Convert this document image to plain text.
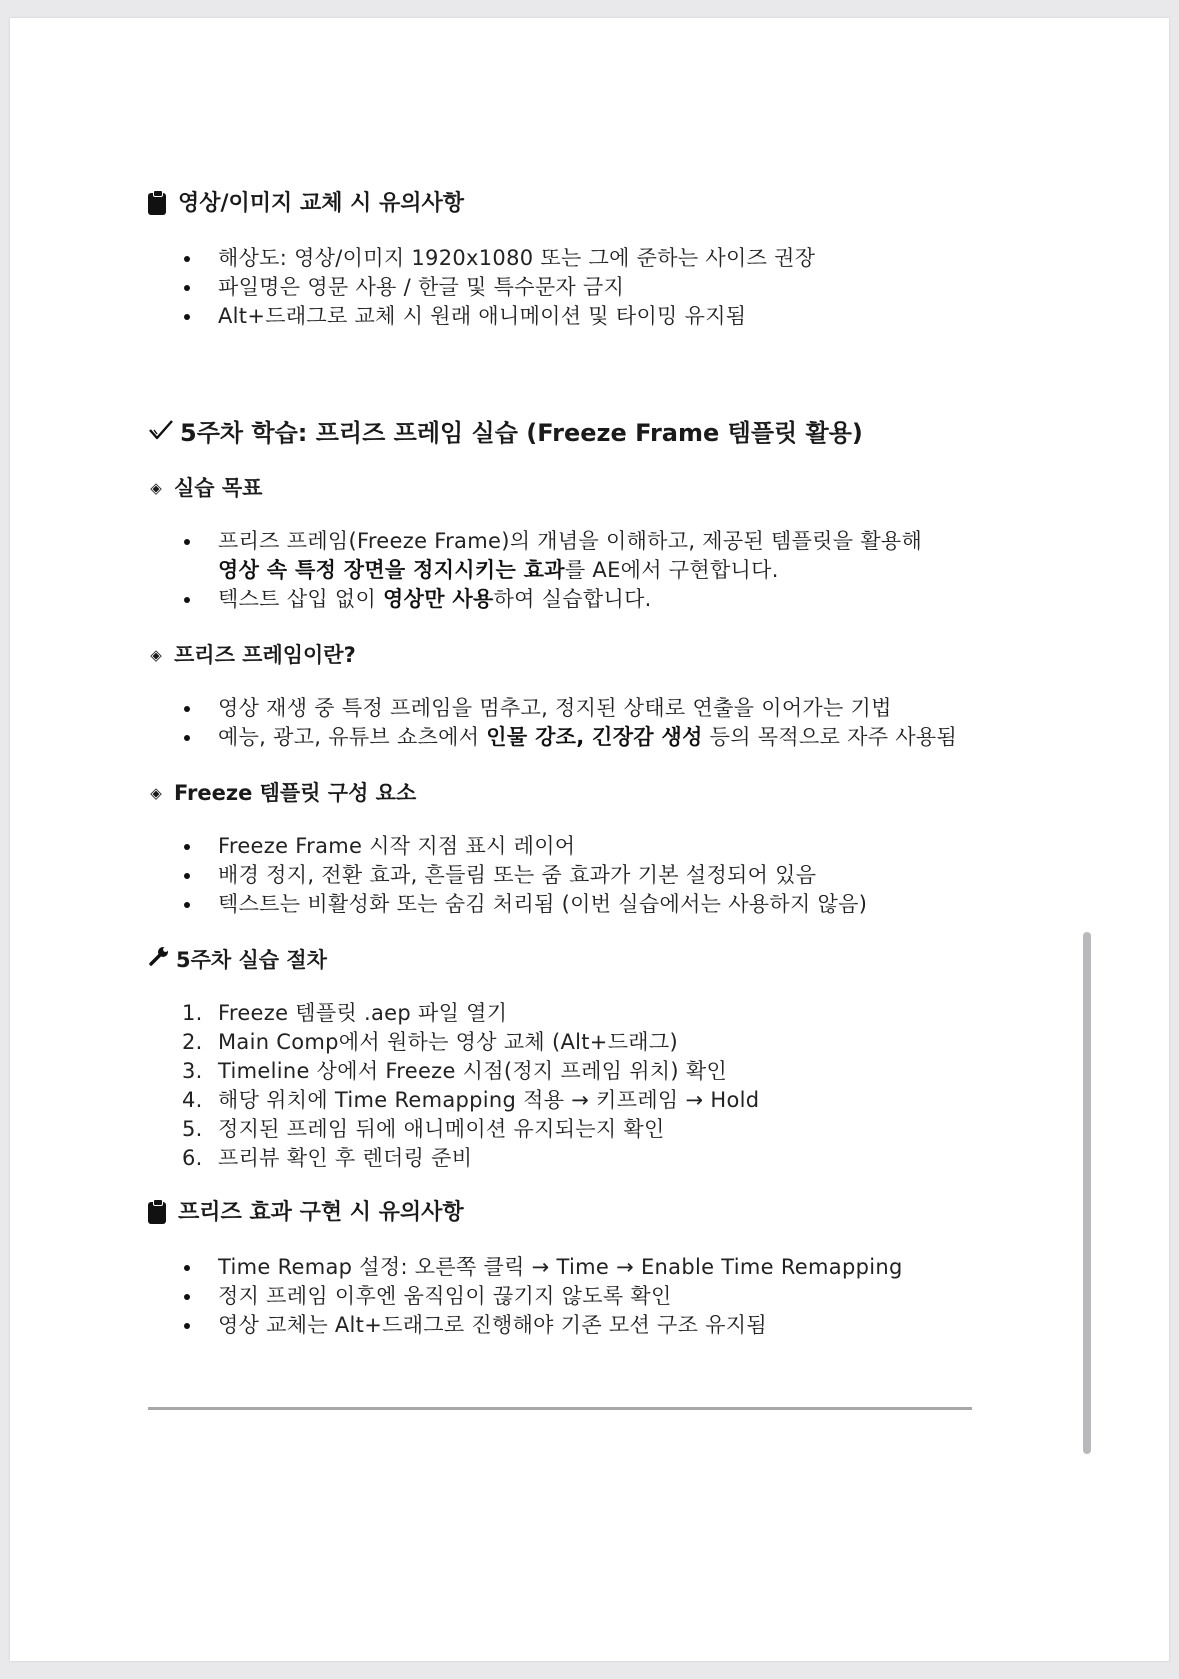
영상/이미지 교체 시 유의사항
해상도: 영상/이미지 1920x1080 또는 그에 준하는 사이즈 권장
파일명은 영문 사용 / 한글 및 특수문자 금지
Alt+드래그로 교체 시 원래 애니메이션 및 타이밍 유지됨
5주차 학습: 프리즈 프레임 실습 (Freeze Frame 템플릿 활용)
◈ 실습 목표
프리즈 프레임(Freeze Frame)의 개념을 이해하고, 제공된 템플릿을 활용해
영상 속 특정 장면을 정지시키는 효과를 AE에서 구현합니다.
텍스트 삽입 없이 영상만 사용하여 실습합니다.
◈ 프리즈 프레임이란?
영상 재생 중 특정 프레임을 멈추고, 정지된 상태로 연출을 이어가는 기법
예능, 광고, 유튜브 쇼츠에서 인물 강조, 긴장감 생성 등의 목적으로 자주 사용됨
◈ Freeze 템플릿 구성 요소
Freeze Frame 시작 지점 표시 레이어
배경 정지, 전환 효과, 흔들림 또는 줌 효과가 기본 설정되어 있음
텍스트는 비활성화 또는 숨김 처리됨 (이번 실습에서는 사용하지 않음)
5주차 실습 절차
1. Freeze 템플릿 .aep 파일 열기
2. Main Comp에서 원하는 영상 교체 (Alt+드래그)
3. Timeline 상에서 Freeze 시점(정지 프레임 위치) 확인
4. 해당 위치에 Time Remapping 적용 → 키프레임 → Hold
5. 정지된 프레임 뒤에 애니메이션 유지되는지 확인
6. 프리뷰 확인 후 렌더링 준비
프리즈 효과 구현 시 유의사항
Time Remap 설정: 오른쪽 클릭 → Time → Enable Time Remapping
정지 프레임 이후엔 움직임이 끊기지 않도록 확인
영상 교체는 Alt+드래그로 진행해야 기존 모션 구조 유지됨
